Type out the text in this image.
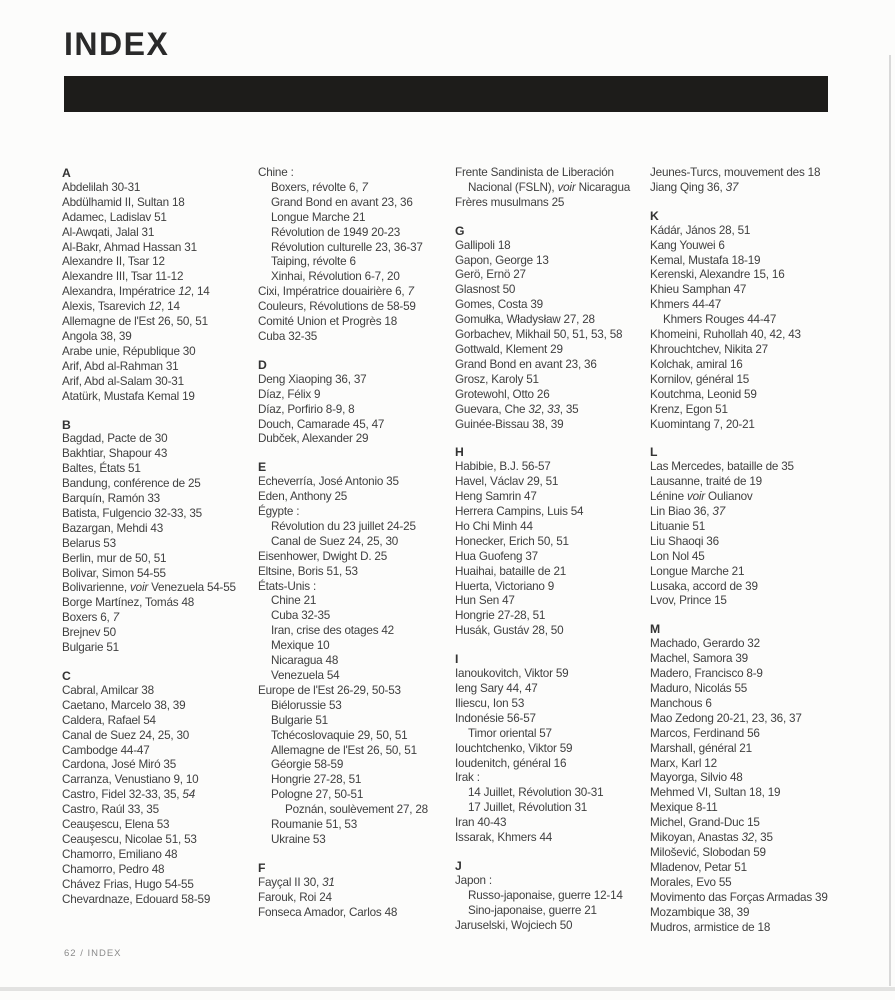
INDEX
A
Abdelilah 30-31
Abdülhamid II, Sultan 18
Adamec, Ladislav 51
Al-Awqati, Jalal 31
Al-Bakr, Ahmad Hassan 31
Alexandre II, Tsar 12
Alexandre III, Tsar 11-12
Alexandra, Impératrice 12, 14
Alexis, Tsarevich 12, 14
Allemagne de l'Est 26, 50, 51
Angola 38, 39
Arabe unie, République 30
Arif, Abd al-Rahman 31
Arif, Abd al-Salam 30-31
Atatürk, Mustafa Kemal 19
B
Bagdad, Pacte de 30
Bakhtiar, Shapour 43
Baltes, États 51
Bandung, conférence de 25
Barquín, Ramón 33
Batista, Fulgencio 32-33, 35
Bazargan, Mehdi 43
Belarus 53
Berlin, mur de 50, 51
Bolivar, Simon 54-55
Bolivarienne, voir Venezuela 54-55
Borge Martínez, Tomás 48
Boxers 6, 7
Brejnev 50
Bulgarie 51
C
Cabral, Amilcar 38
Caetano, Marcelo 38, 39
Caldera, Rafael 54
Canal de Suez 24, 25, 30
Cambodge 44-47
Cardona, José Miró 35
Carranza, Venustiano 9, 10
Castro, Fidel 32-33, 35, 54
Castro, Raúl 33, 35
Ceauşescu, Elena 53
Ceauşescu, Nicolae 51, 53
Chamorro, Emiliano 48
Chamorro, Pedro 48
Chávez Frias, Hugo 54-55
Chevardnaze, Edouard 58-59
Chine :
Boxers, révolte 6, 7
Grand Bond en avant 23, 36
Longue Marche 21
Révolution de 1949 20-23
Révolution culturelle 23, 36-37
Taiping, révolte 6
Xinhai, Révolution 6-7, 20
Cixi, Impératrice douairière 6, 7
Couleurs, Révolutions de 58-59
Comité Union et Progrès 18
Cuba 32-35
D
Deng Xiaoping 36, 37
Díaz, Félix 9
Díaz, Porfirio 8-9, 8
Douch, Camarade 45, 47
Dubček, Alexander 29
E
Echeverría, José Antonio 35
Eden, Anthony 25
Égypte :
Révolution du 23 juillet 24-25
Canal de Suez 24, 25, 30
Eisenhower, Dwight D. 25
Eltsine, Boris 51, 53
États-Unis :
Chine 21
Cuba 32-35
Iran, crise des otages 42
Mexique 10
Nicaragua 48
Venezuela 54
Europe de l'Est 26-29, 50-53
Biélorussie 53
Bulgarie 51
Tchécoslovaquie 29, 50, 51
Allemagne de l'Est 26, 50, 51
Géorgie 58-59
Hongrie 27-28, 51
Pologne 27, 50-51
Poznán, soulèvement 27, 28
Roumanie 51, 53
Ukraine 53
F
Fayçal II 30, 31
Farouk, Roi 24
Fonseca Amador, Carlos 48
Frente Sandinista de Liberación
Nacional (FSLN), voir Nicaragua
Frères musulmans 25
G
Gallipoli 18
Gapon, George 13
Gerö, Ernö 27
Glasnost 50
Gomes, Costa 39
Gomułka, Władysław 27, 28
Gorbachev, Mikhail 50, 51, 53, 58
Gottwald, Klement 29
Grand Bond en avant 23, 36
Grosz, Karoly 51
Grotewohl, Otto 26
Guevara, Che 32, 33, 35
Guinée-Bissau 38, 39
H
Habibie, B.J. 56-57
Havel, Václav 29, 51
Heng Samrin 47
Herrera Campins, Luis 54
Ho Chi Minh 44
Honecker, Erich 50, 51
Hua Guofeng 37
Huaihai, bataille de 21
Huerta, Victoriano 9
Hun Sen 47
Hongrie 27-28, 51
Husák, Gustáv 28, 50
I
Ianoukovitch, Viktor 59
Ieng Sary 44, 47
Iliescu, Ion 53
Indonésie 56-57
Timor oriental 57
Iouchtchenko, Viktor 59
Ioudenitch, général 16
Irak :
14 Juillet, Révolution 30-31
17 Juillet, Révolution 31
Iran 40-43
Issarak, Khmers 44
J
Japon :
Russo-japonaise, guerre 12-14
Sino-japonaise, guerre 21
Jaruselski, Wojciech 50
Jeunes-Turcs, mouvement des 18
Jiang Qing 36, 37
K
Kádár, János 28, 51
Kang Youwei 6
Kemal, Mustafa 18-19
Kerenski, Alexandre 15, 16
Khieu Samphan 47
Khmers 44-47
Khmers Rouges 44-47
Khomeini, Ruhollah 40, 42, 43
Khrouchtchev, Nikita 27
Kolchak, amiral 16
Kornilov, général 15
Koutchma, Leonid 59
Krenz, Egon 51
Kuomintang 7, 20-21
L
Las Mercedes, bataille de 35
Lausanne, traité de 19
Lénine voir Oulianov
Lin Biao 36, 37
Lituanie 51
Liu Shaoqi 36
Lon Nol 45
Longue Marche 21
Lusaka, accord de 39
Lvov, Prince 15
M
Machado, Gerardo 32
Machel, Samora 39
Madero, Francisco 8-9
Maduro, Nicolás 55
Manchous 6
Mao Zedong 20-21, 23, 36, 37
Marcos, Ferdinand 56
Marshall, général 21
Marx, Karl 12
Mayorga, Silvio 48
Mehmed VI, Sultan 18, 19
Mexique 8-11
Michel, Grand-Duc 15
Mikoyan, Anastas 32, 35
Milošević, Slobodan 59
Mladenov, Petar 51
Morales, Evo 55
Movimento das Forças Armadas 39
Mozambique 38, 39
Mudros, armistice de 18
62 / INDEX
